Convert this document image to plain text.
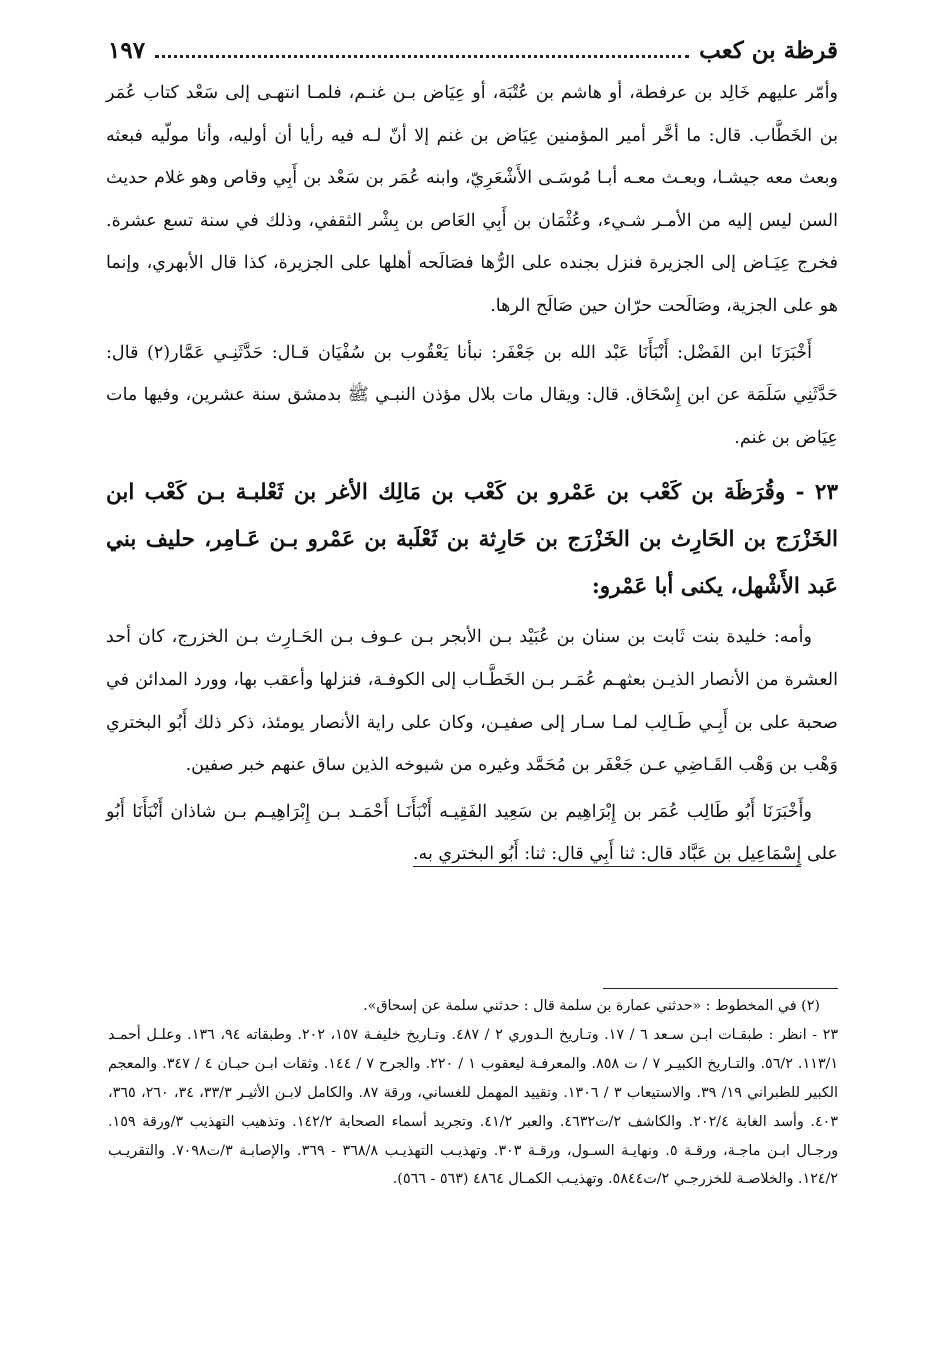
قرظة بن كعب
١٩٧

وأمّر عليهم خَالِد بن عرفطة، أو هاشم بن عُتْبَة، أو عِيَاض بـن غنـم، فلمـا انتهـى إلى سَعْد كتاب عُمَر بن الخَطَّاب. قال: ما أخَّر أمير المؤمنين عِيَاض بن غنم إلا أنّ لـه فيه رأيا أن أوليه، وأنا مولّيه فبعثه وبعث معه جيشـا، وبعـث معـه أبـا مُوسَـى الأَشْعَرِيّ، وابنه عُمَر بن سَعْد بن أَبِي وقاص وهو غلام حديث السن ليس إليه من الأمـر شـيء، وعُثْمَان بن أَبِي العَاص بن بِشْر الثقفي، وذلك في سنة تسع عشرة. فخرج عِيَـاض إلى الجزيرة فنزل بجنده على الرُّها فصَالَحه أهلها على الجزيرة، كذا قال الأبهري، وإنما هو على الجزية، وصَالَحت حرّان حين صَالَح الرها.

أَخْبَرَنَا ابن الفَضْل: أَنْبَأَنَا عَبْد الله بن جَعْفَر: نبأنا يَعْقُوب بن سُفْيَان قـال: حَدَّثَنِـي عَمَّار(٢) قال: حَدَّثَنِي سَلَمَة عن ابن إِسْحَاق. قال: ويقال مات بلال مؤذن النبـي ﷺ بدمشق سنة عشرين، وفيها مات عِيَاض بن غنم.

٢٣ - وقُرَظَة بن كَعْب بن عَمْرو بن كَعْب بن مَالِك الأغر بن ثَعْلبـة بـن كَعْب ابن الخَزْرَج بن الحَارِث بن الخَزْرَج بن حَارِثة بن ثَعْلَبة بن عَمْرو بـن عَـامِر، حليف بني عَبد الأَشْهل، يكنى أبا عَمْرو:

وأمه: خليدة بنت ثَابت بن سنان بن عُبَيْد بـن الأبجر بـن عـوف بـن الحَـارِث بـن الخزرج، كان أحد العشرة من الأنصار الذيـن بعثهـم عُمَـر بـن الخَطَّـاب إلى الكوفـة، فنزلها وأعقب بها، وورد المدائن في صحبة على بن أَبِـي طَـالِب لمـا سـار إلى صفيـن، وكان على راية الأنصار يومئذ، ذكر ذلك أَبُو البختري وَهْب بن وَهْب القَـاضِي عـن جَعْفَر بن مُحَمَّد وغيره من شيوخه الذين ساق عنهم خبر صفين.

وأَخْبَرَنَا أَبُو طَالِب عُمَر بن إِبْرَاهِيم بن سَعِيد الفَقِيـه أَنْبَأَنَـا أَحْمَـد بـن إِبْرَاهِيـم بـن شاذان أَنْبَأَنَا أَبُو على إِسْمَاعِيل بن عَبَّاد قال: ثنا أَبِي قال: ثنا: أَبُو البختري به.

(٢) في المخطوط : «حدثني عمارة بن سلمة قال : حدثني سلمة عن إسحاق».

٢٣ - انظر : طبقـات ابـن سـعد ٦ / ١٧. وتـاريخ الـدوري ٢ / ٤٨٧. وتـاريخ خليفـة ١٥٧، ٢٠٢. وطبقاته ٩٤، ١٣٦. وعلـل أحمـد ١١٣/١. ٥٦/٢. والتـاريخ الكبيـر ٧ / ت ٨٥٨. والمعرفـة ليعقوب ١ / ٢٢٠. والجرح ٧ / ١٤٤. وثقات ابـن حبـان ٤ / ٣٤٧. والمعجم الكبير للطبراني ١٩/ ٣٩. والاستيعاب ٣ / ١٣٠٦. وتقييد المهمل للغساني، ورقة ٨٧. والكامل لابـن الأثيـر ٣٣/٣، ٣٤، ٢٦٠، ٣٦٥، ٤٠٣. وأسد الغابة ٢٠٢/٤. والكاشف ٢/ت٤٦٣٢. والعبر ٤١/٢. وتجريد أسماء الصحابة ١٤٢/٢. وتذهيب التهذيب ٣/ورقة ١٥٩. ورجـال ابـن ماجـة، ورقـة ٥. ونهايـة السـول، ورقـة ٣٠٣. وتهذيـب التهذيـب ٣٦٨/٨ - ٣٦٩. والإصابـة ٣/ت٧٠٩٨. والتقريـب ١٢٤/٢. والخلاصـة للخزرجـي ٢/ت٥٨٤٤. وتهذيـب الكمـال ٤٨٦٤ (٥٦٣ - ٥٦٦).
